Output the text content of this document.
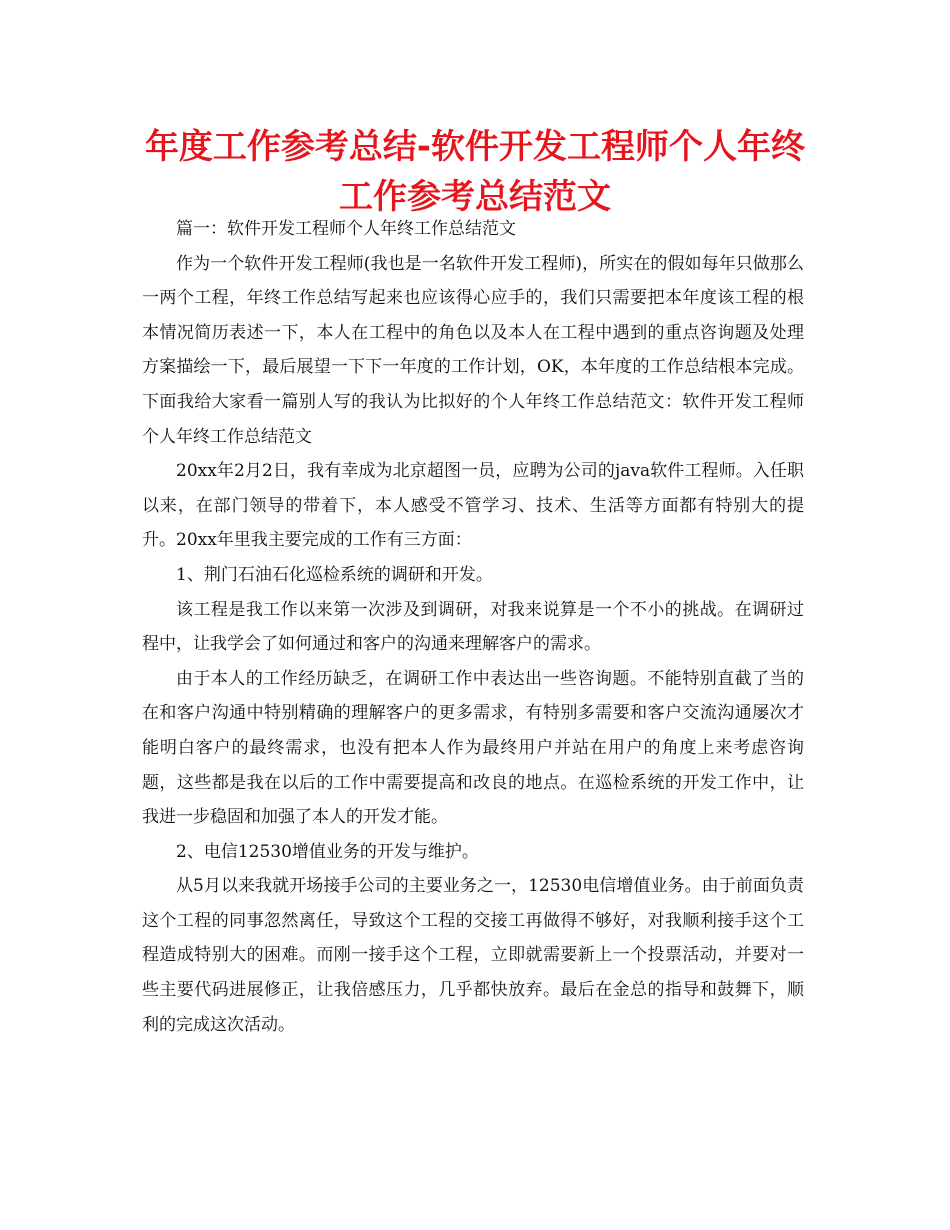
年度工作参考总结-软件开发工程师个人年终工作参考总结范文

篇一：软件开发工程师个人年终工作总结范文

作为一个软件开发工程师(我也是一名软件开发工程师)，所实在的假如每年只做那么一两个工程，年终工作总结写起来也应该得心应手的，我们只需要把本年度该工程的根本情况简历表述一下，本人在工程中的角色以及本人在工程中遇到的重点咨询题及处理方案描绘一下，最后展望一下下一年度的工作计划，OK，本年度的工作总结根本完成。下面我给大家看一篇别人写的我认为比拟好的个人年终工作总结范文：软件开发工程师个人年终工作总结范文

20xx年2月2日，我有幸成为北京超图一员，应聘为公司的java软件工程师。入任职以来，在部门领导的带着下，本人感受不管学习、技术、生活等方面都有特别大的提升。20xx年里我主要完成的工作有三方面：

1、荆门石油石化巡检系统的调研和开发。

该工程是我工作以来第一次涉及到调研，对我来说算是一个不小的挑战。在调研过程中，让我学会了如何通过和客户的沟通来理解客户的需求。

由于本人的工作经历缺乏，在调研工作中表达出一些咨询题。不能特别直截了当的在和客户沟通中特别精确的理解客户的更多需求，有特别多需要和客户交流沟通屡次才能明白客户的最终需求，也没有把本人作为最终用户并站在用户的角度上来考虑咨询题，这些都是我在以后的工作中需要提高和改良的地点。在巡检系统的开发工作中，让我进一步稳固和加强了本人的开发才能。

2、电信12530增值业务的开发与维护。

从5月以来我就开场接手公司的主要业务之一，12530电信增值业务。由于前面负责这个工程的同事忽然离任，导致这个工程的交接工再做得不够好，对我顺利接手这个工程造成特别大的困难。而刚一接手这个工程，立即就需要新上一个投票活动，并要对一些主要代码进展修正，让我倍感压力，几乎都快放弃。最后在金总的指导和鼓舞下，顺利的完成这次活动。
